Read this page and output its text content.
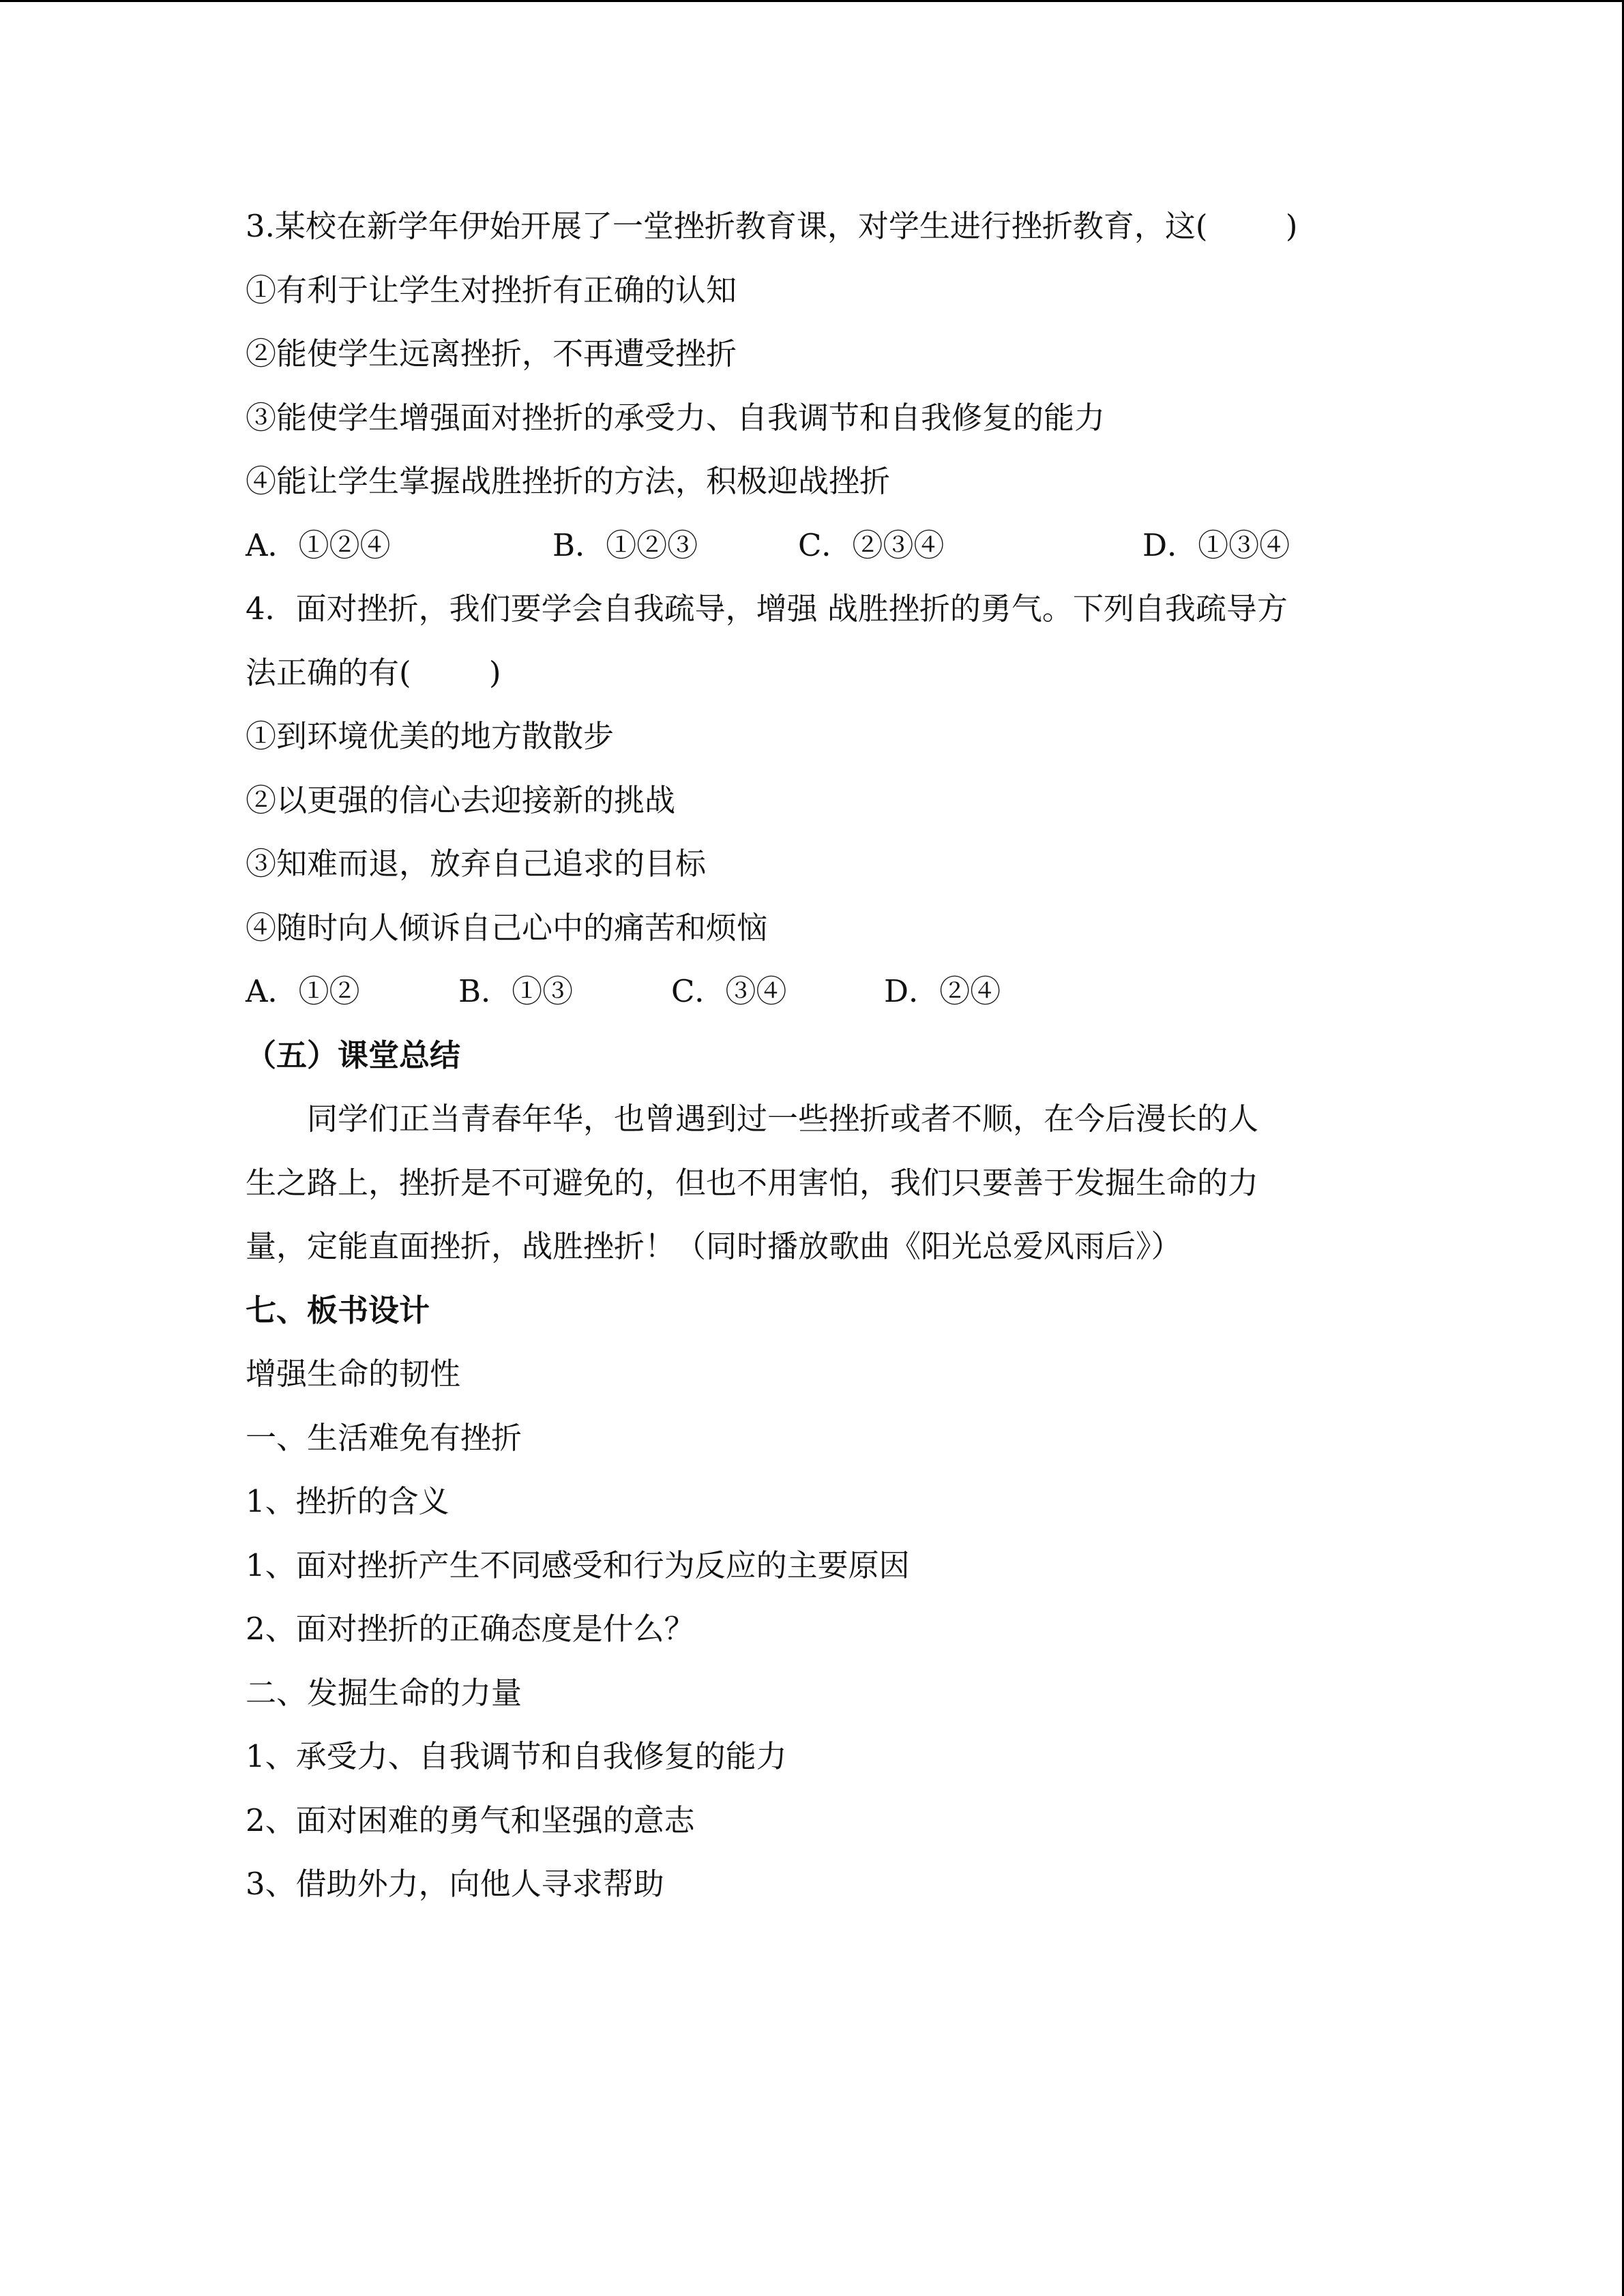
3.某校在新学年伊始开展了一堂挫折教育课，对学生进行挫折教育，这(        )
①有利于让学生对挫折有正确的认知
②能使学生远离挫折，不再遭受挫折
③能使学生增强面对挫折的承受力、自我调节和自我修复的能力
④能让学生掌握战胜挫折的方法，积极迎战挫折
A．①②④	B．①②③	C．②③④	D．①③④
4．面对挫折，我们要学会自我疏导，增强 战胜挫折的勇气。下列自我疏导方
法正确的有(        )
①到环境优美的地方散散步
②以更强的信心去迎接新的挑战
③知难而退，放弃自己追求的目标
④随时向人倾诉自己心中的痛苦和烦恼
A．①②	B．①③	C．③④	D．②④
（五）课堂总结
同学们正当青春年华，也曾遇到过一些挫折或者不顺，在今后漫长的人
生之路上，挫折是不可避免的，但也不用害怕，我们只要善于发掘生命的力
量，定能直面挫折，战胜挫折！（同时播放歌曲《阳光总爱风雨后》）
七、板书设计
增强生命的韧性
一、生活难免有挫折
1、挫折的含义
1、面对挫折产生不同感受和行为反应的主要原因
2、面对挫折的正确态度是什么？
二、发掘生命的力量
1、承受力、自我调节和自我修复的能力
2、面对困难的勇气和坚强的意志
3、借助外力，向他人寻求帮助
